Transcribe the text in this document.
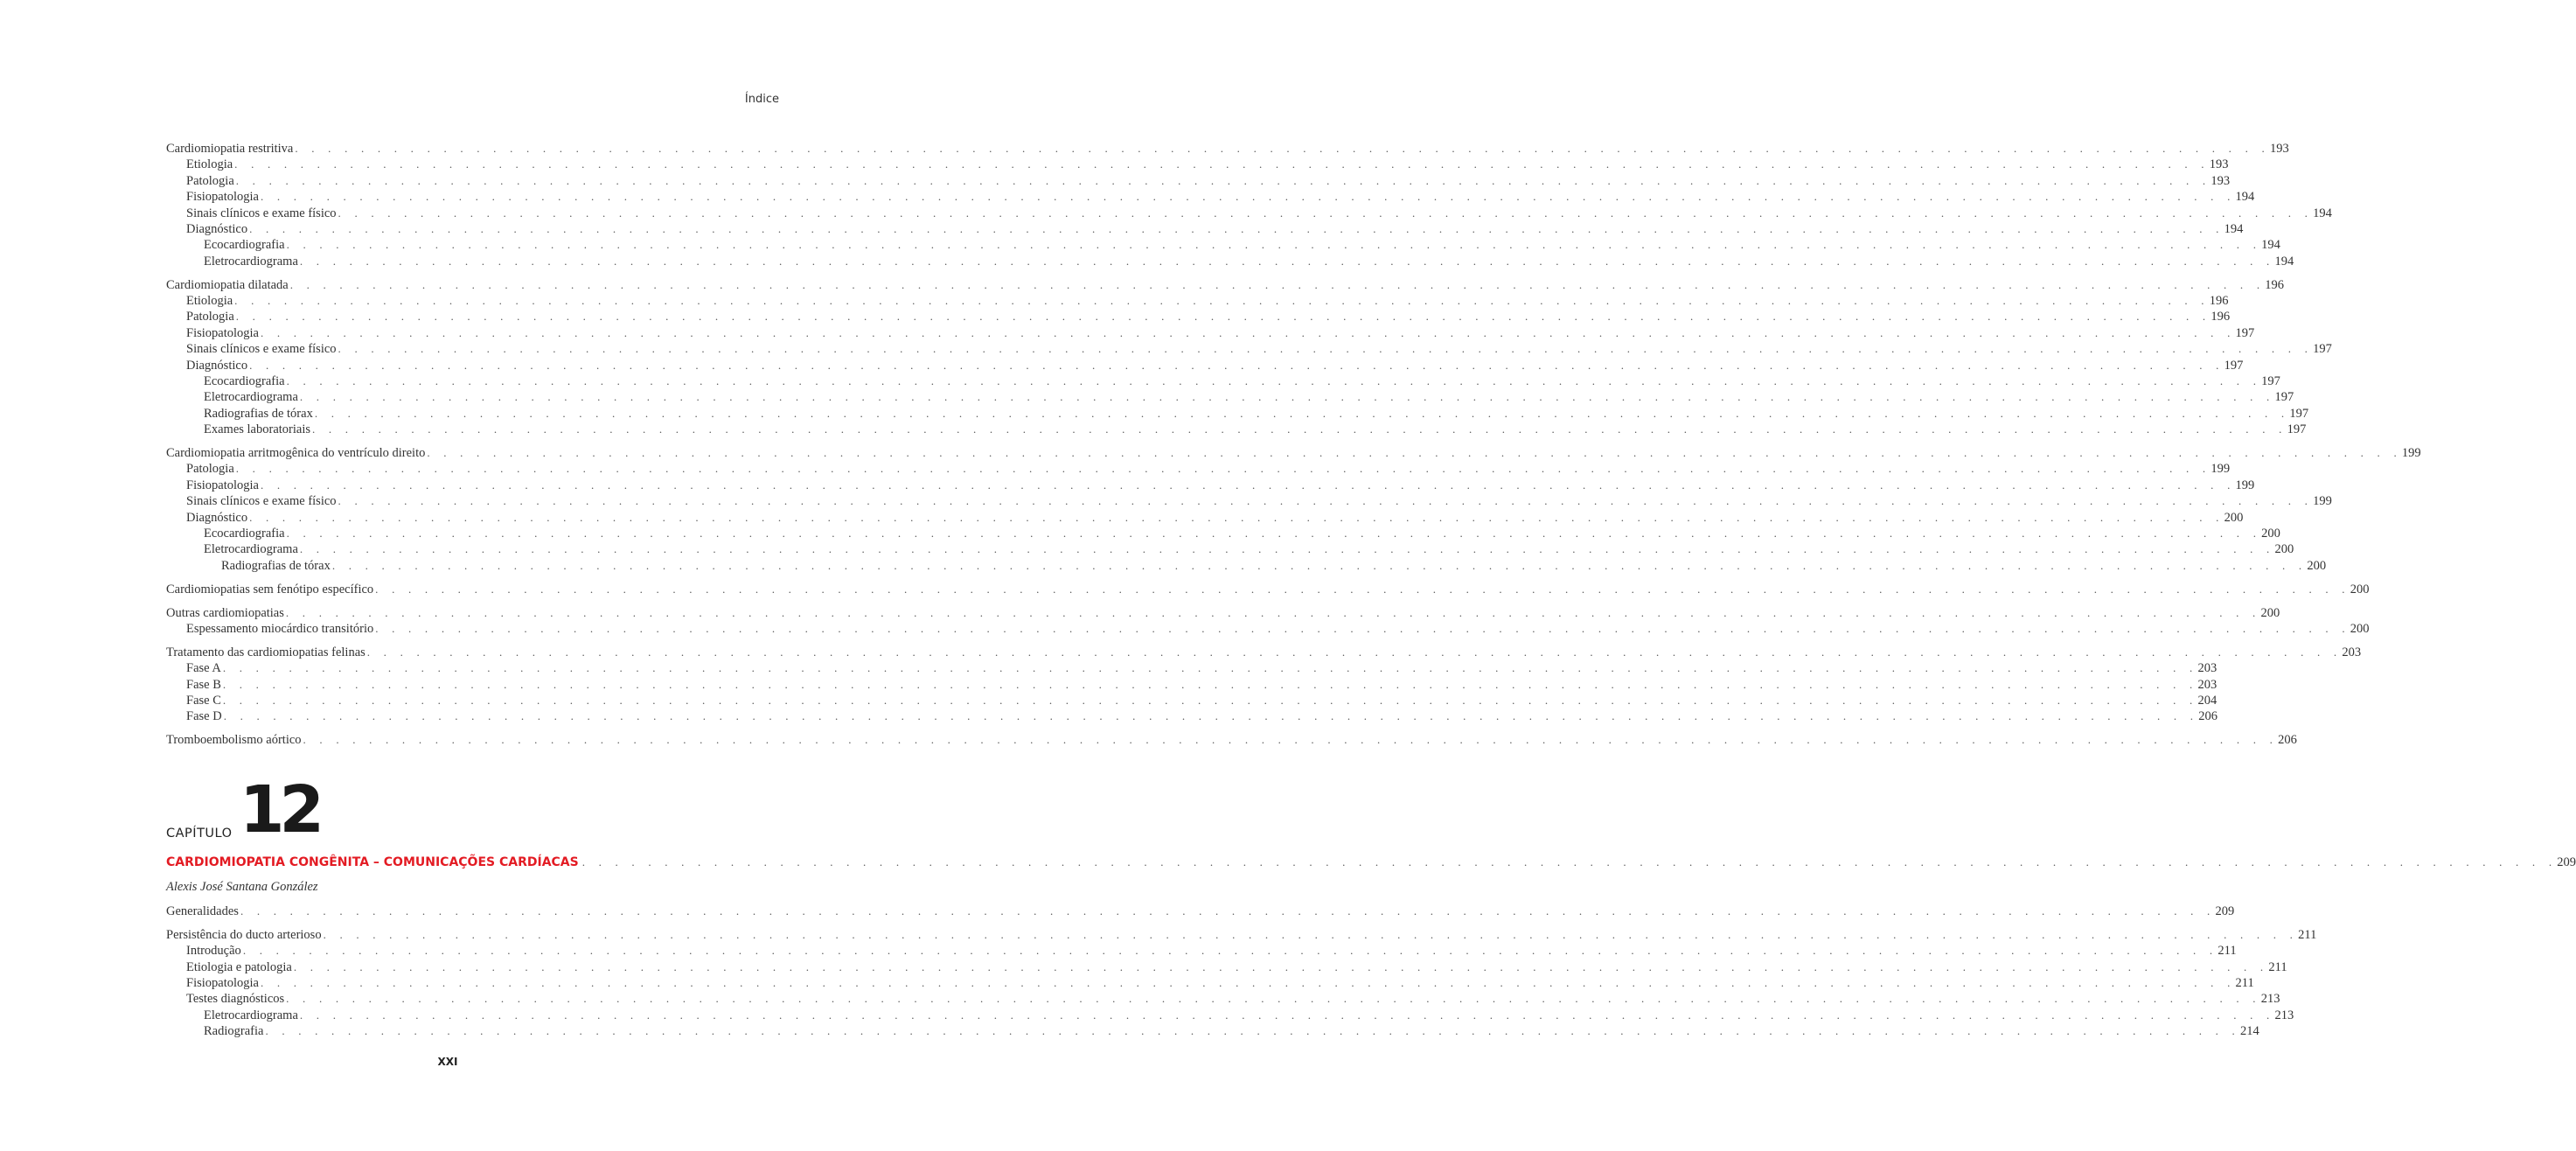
Índice
Cardiomiopatia restritiva . . . . . . . . . . . . . . . . . . . . . . . . . . . . . . . . . . . . . . . . . . . . . . . . . . . . . . . . . . . . . . . . . . . . . . . . . . . . . . . . . . . . . . . . . . . . . . . . . . . . . . . . . . . . . . . . . . . . . . . . 193
Etiologia . . . . . . . . . . . . . . . . . . . . . . . . . . . . . . . . . . . . . . . . . . . . . . . . . . . . . . . . . . . . . . . . . . . . . . . . . . . . . . . . . . . . . . . . . . . . . . . . . . . . . . . . . . . . . . . . . . . . . . . . 193
Patologia . . . . . . . . . . . . . . . . . . . . . . . . . . . . . . . . . . . . . . . . . . . . . . . . . . . . . . . . . . . . . . . . . . . . . . . . . . . . . . . . . . . . . . . . . . . . . . . . . . . . . . . . . . . . . . . . . . . . . . . . 193
Fisiopatologia . . . . . . . . . . . . . . . . . . . . . . . . . . . . . . . . . . . . . . . . . . . . . . . . . . . . . . . . . . . . . . . . . . . . . . . . . . . . . . . . . . . . . . . . . . . . . . . . . . . . . . . . . . . . . . . . . . . . . . . . 194
Sinais clínicos e exame físico . . . . . . . . . . . . . . . . . . . . . . . . . . . . . . . . . . . . . . . . . . . . . . . . . . . . . . . . . . . . . . . . . . . . . . . . . . . . . . . . . . . . . . . . . . . . . . . . . . . . . . . . . . . . . . . . . . . . . . . . 194
Diagnóstico . . . . . . . . . . . . . . . . . . . . . . . . . . . . . . . . . . . . . . . . . . . . . . . . . . . . . . . . . . . . . . . . . . . . . . . . . . . . . . . . . . . . . . . . . . . . . . . . . . . . . . . . . . . . . . . . . . . . . . . . 194
Ecocardiografia . . . . . . . . . . . . . . . . . . . . . . . . . . . . . . . . . . . . . . . . . . . . . . . . . . . . . . . . . . . . . . . . . . . . . . . . . . . . . . . . . . . . . . . . . . . . . . . . . . . . . . . . . . . . . . . . . . . . . . . . 194
Eletrocardiograma . . . . . . . . . . . . . . . . . . . . . . . . . . . . . . . . . . . . . . . . . . . . . . . . . . . . . . . . . . . . . . . . . . . . . . . . . . . . . . . . . . . . . . . . . . . . . . . . . . . . . . . . . . . . . . . . . . . . . . . . 194
Cardiomiopatia dilatada . . . . . . . . . . . . . . . . . . . . . . . . . . . . . . . . . . . . . . . . . . . . . . . . . . . . . . . . . . . . . . . . . . . . . . . . . . . . . . . . . . . . . . . . . . . . . . . . . . . . . . . . . . . . . . . . . . . . . . . . 196
Etiologia . . . . . . . . . . . . . . . . . . . . . . . . . . . . . . . . . . . . . . . . . . . . . . . . . . . . . . . . . . . . . . . . . . . . . . . . . . . . . . . . . . . . . . . . . . . . . . . . . . . . . . . . . . . . . . . . . . . . . . . . 196
Patologia . . . . . . . . . . . . . . . . . . . . . . . . . . . . . . . . . . . . . . . . . . . . . . . . . . . . . . . . . . . . . . . . . . . . . . . . . . . . . . . . . . . . . . . . . . . . . . . . . . . . . . . . . . . . . . . . . . . . . . . . 196
Fisiopatologia . . . . . . . . . . . . . . . . . . . . . . . . . . . . . . . . . . . . . . . . . . . . . . . . . . . . . . . . . . . . . . . . . . . . . . . . . . . . . . . . . . . . . . . . . . . . . . . . . . . . . . . . . . . . . . . . . . . . . . . . 197
Sinais clínicos e exame físico . . . . . . . . . . . . . . . . . . . . . . . . . . . . . . . . . . . . . . . . . . . . . . . . . . . . . . . . . . . . . . . . . . . . . . . . . . . . . . . . . . . . . . . . . . . . . . . . . . . . . . . . . . . . . . . . . . . . . . . . 197
Diagnóstico . . . . . . . . . . . . . . . . . . . . . . . . . . . . . . . . . . . . . . . . . . . . . . . . . . . . . . . . . . . . . . . . . . . . . . . . . . . . . . . . . . . . . . . . . . . . . . . . . . . . . . . . . . . . . . . . . . . . . . . . 197
Ecocardiografia . . . . . . . . . . . . . . . . . . . . . . . . . . . . . . . . . . . . . . . . . . . . . . . . . . . . . . . . . . . . . . . . . . . . . . . . . . . . . . . . . . . . . . . . . . . . . . . . . . . . . . . . . . . . . . . . . . . . . . . . 197
Eletrocardiograma . . . . . . . . . . . . . . . . . . . . . . . . . . . . . . . . . . . . . . . . . . . . . . . . . . . . . . . . . . . . . . . . . . . . . . . . . . . . . . . . . . . . . . . . . . . . . . . . . . . . . . . . . . . . . . . . . . . . . . . . 197
Radiografias de tórax . . . . . . . . . . . . . . . . . . . . . . . . . . . . . . . . . . . . . . . . . . . . . . . . . . . . . . . . . . . . . . . . . . . . . . . . . . . . . . . . . . . . . . . . . . . . . . . . . . . . . . . . . . . . . . . . . . . . . . . . 197
Exames laboratoriais . . . . . . . . . . . . . . . . . . . . . . . . . . . . . . . . . . . . . . . . . . . . . . . . . . . . . . . . . . . . . . . . . . . . . . . . . . . . . . . . . . . . . . . . . . . . . . . . . . . . . . . . . . . . . . . . . . . . . . . . 197
Cardiomiopatia arritmogênica do ventrículo direito . . . . . . . . . . . . . . . . . . . . . . . . . . . . . . . . . . . . . . . . . . . . . . . . . . . . . . . . . . . . . . . . . . . . . . . . . . . . . . . . . . . . . . . . . . . . . . . . . . . . . . . . . . . . . . . . . . . . . . . . 199
Patologia . . . . . . . . . . . . . . . . . . . . . . . . . . . . . . . . . . . . . . . . . . . . . . . . . . . . . . . . . . . . . . . . . . . . . . . . . . . . . . . . . . . . . . . . . . . . . . . . . . . . . . . . . . . . . . . . . . . . . . . . 199
Fisiopatologia . . . . . . . . . . . . . . . . . . . . . . . . . . . . . . . . . . . . . . . . . . . . . . . . . . . . . . . . . . . . . . . . . . . . . . . . . . . . . . . . . . . . . . . . . . . . . . . . . . . . . . . . . . . . . . . . . . . . . . . . 199
Sinais clínicos e exame físico . . . . . . . . . . . . . . . . . . . . . . . . . . . . . . . . . . . . . . . . . . . . . . . . . . . . . . . . . . . . . . . . . . . . . . . . . . . . . . . . . . . . . . . . . . . . . . . . . . . . . . . . . . . . . . . . . . . . . . . . 199
Diagnóstico . . . . . . . . . . . . . . . . . . . . . . . . . . . . . . . . . . . . . . . . . . . . . . . . . . . . . . . . . . . . . . . . . . . . . . . . . . . . . . . . . . . . . . . . . . . . . . . . . . . . . . . . . . . . . . . . . . . . . . . . 200
Ecocardiografia . . . . . . . . . . . . . . . . . . . . . . . . . . . . . . . . . . . . . . . . . . . . . . . . . . . . . . . . . . . . . . . . . . . . . . . . . . . . . . . . . . . . . . . . . . . . . . . . . . . . . . . . . . . . . . . . . . . . . . . . 200
Eletrocardiograma . . . . . . . . . . . . . . . . . . . . . . . . . . . . . . . . . . . . . . . . . . . . . . . . . . . . . . . . . . . . . . . . . . . . . . . . . . . . . . . . . . . . . . . . . . . . . . . . . . . . . . . . . . . . . . . . . . . . . . . . 200
Radiografias de tórax . . . . . . . . . . . . . . . . . . . . . . . . . . . . . . . . . . . . . . . . . . . . . . . . . . . . . . . . . . . . . . . . . . . . . . . . . . . . . . . . . . . . . . . . . . . . . . . . . . . . . . . . . . . . . . . . . . . . . . . . 200
Cardiomiopatias sem fenótipo específico . . . . . . . . . . . . . . . . . . . . . . . . . . . . . . . . . . . . . . . . . . . . . . . . . . . . . . . . . . . . . . . . . . . . . . . . . . . . . . . . . . . . . . . . . . . . . . . . . . . . . . . . . . . . . . . . . . . . . . . . 200
Outras cardiomiopatias . . . . . . . . . . . . . . . . . . . . . . . . . . . . . . . . . . . . . . . . . . . . . . . . . . . . . . . . . . . . . . . . . . . . . . . . . . . . . . . . . . . . . . . . . . . . . . . . . . . . . . . . . . . . . . . . . . . . . . . . 200
Espessamento miocárdico transitório . . . . . . . . . . . . . . . . . . . . . . . . . . . . . . . . . . . . . . . . . . . . . . . . . . . . . . . . . . . . . . . . . . . . . . . . . . . . . . . . . . . . . . . . . . . . . . . . . . . . . . . . . . . . . . . . . . . . . . . . 200
Tratamento das cardiomiopatias felinas . . . . . . . . . . . . . . . . . . . . . . . . . . . . . . . . . . . . . . . . . . . . . . . . . . . . . . . . . . . . . . . . . . . . . . . . . . . . . . . . . . . . . . . . . . . . . . . . . . . . . . . . . . . . . . . . . . . . . . . . 203
Fase A . . . . . . . . . . . . . . . . . . . . . . . . . . . . . . . . . . . . . . . . . . . . . . . . . . . . . . . . . . . . . . . . . . . . . . . . . . . . . . . . . . . . . . . . . . . . . . . . . . . . . . . . . . . . . . . . . . . . . . . . 203
Fase B . . . . . . . . . . . . . . . . . . . . . . . . . . . . . . . . . . . . . . . . . . . . . . . . . . . . . . . . . . . . . . . . . . . . . . . . . . . . . . . . . . . . . . . . . . . . . . . . . . . . . . . . . . . . . . . . . . . . . . . . 203
Fase C . . . . . . . . . . . . . . . . . . . . . . . . . . . . . . . . . . . . . . . . . . . . . . . . . . . . . . . . . . . . . . . . . . . . . . . . . . . . . . . . . . . . . . . . . . . . . . . . . . . . . . . . . . . . . . . . . . . . . . . . 204
Fase D . . . . . . . . . . . . . . . . . . . . . . . . . . . . . . . . . . . . . . . . . . . . . . . . . . . . . . . . . . . . . . . . . . . . . . . . . . . . . . . . . . . . . . . . . . . . . . . . . . . . . . . . . . . . . . . . . . . . . . . . 206
Tromboembolismo aórtico . . . . . . . . . . . . . . . . . . . . . . . . . . . . . . . . . . . . . . . . . . . . . . . . . . . . . . . . . . . . . . . . . . . . . . . . . . . . . . . . . . . . . . . . . . . . . . . . . . . . . . . . . . . . . . . . . . . . . . . . 206
CAPÍTULO 12
CARDIOMIOPATIA CONGÊNITA – COMUNICAÇÕES CARDÍACAS . . . . . . . . . . . . . . . . . . . . . . . . . . . . . . . . . . . . . . . . . . . . . . . . . . . . . . . . . . . . . . . . . . . . . . . . . . . . . . . . . . . . . . . . . . . . . . . . . . . . . . . . . . . . . . . . . . . . . . . . 209
Alexis José Santana González
Generalidades . . . . . . . . . . . . . . . . . . . . . . . . . . . . . . . . . . . . . . . . . . . . . . . . . . . . . . . . . . . . . . . . . . . . . . . . . . . . . . . . . . . . . . . . . . . . . . . . . . . . . . . . . . . . . . . . . . . . . . . . 209
Persistência do ducto arterioso . . . . . . . . . . . . . . . . . . . . . . . . . . . . . . . . . . . . . . . . . . . . . . . . . . . . . . . . . . . . . . . . . . . . . . . . . . . . . . . . . . . . . . . . . . . . . . . . . . . . . . . . . . . . . . . . . . . . . . . . 211
Introdução . . . . . . . . . . . . . . . . . . . . . . . . . . . . . . . . . . . . . . . . . . . . . . . . . . . . . . . . . . . . . . . . . . . . . . . . . . . . . . . . . . . . . . . . . . . . . . . . . . . . . . . . . . . . . . . . . . . . . . . . 211
Etiologia e patologia . . . . . . . . . . . . . . . . . . . . . . . . . . . . . . . . . . . . . . . . . . . . . . . . . . . . . . . . . . . . . . . . . . . . . . . . . . . . . . . . . . . . . . . . . . . . . . . . . . . . . . . . . . . . . . . . . . . . . . . . 211
Fisiopatologia . . . . . . . . . . . . . . . . . . . . . . . . . . . . . . . . . . . . . . . . . . . . . . . . . . . . . . . . . . . . . . . . . . . . . . . . . . . . . . . . . . . . . . . . . . . . . . . . . . . . . . . . . . . . . . . . . . . . . . . . 211
Testes diagnósticos . . . . . . . . . . . . . . . . . . . . . . . . . . . . . . . . . . . . . . . . . . . . . . . . . . . . . . . . . . . . . . . . . . . . . . . . . . . . . . . . . . . . . . . . . . . . . . . . . . . . . . . . . . . . . . . . . . . . . . . . 213
Eletrocardiograma . . . . . . . . . . . . . . . . . . . . . . . . . . . . . . . . . . . . . . . . . . . . . . . . . . . . . . . . . . . . . . . . . . . . . . . . . . . . . . . . . . . . . . . . . . . . . . . . . . . . . . . . . . . . . . . . . . . . . . . . 213
Radiografia . . . . . . . . . . . . . . . . . . . . . . . . . . . . . . . . . . . . . . . . . . . . . . . . . . . . . . . . . . . . . . . . . . . . . . . . . . . . . . . . . . . . . . . . . . . . . . . . . . . . . . . . . . . . . . . . . . . . . . . . 214
XXI
